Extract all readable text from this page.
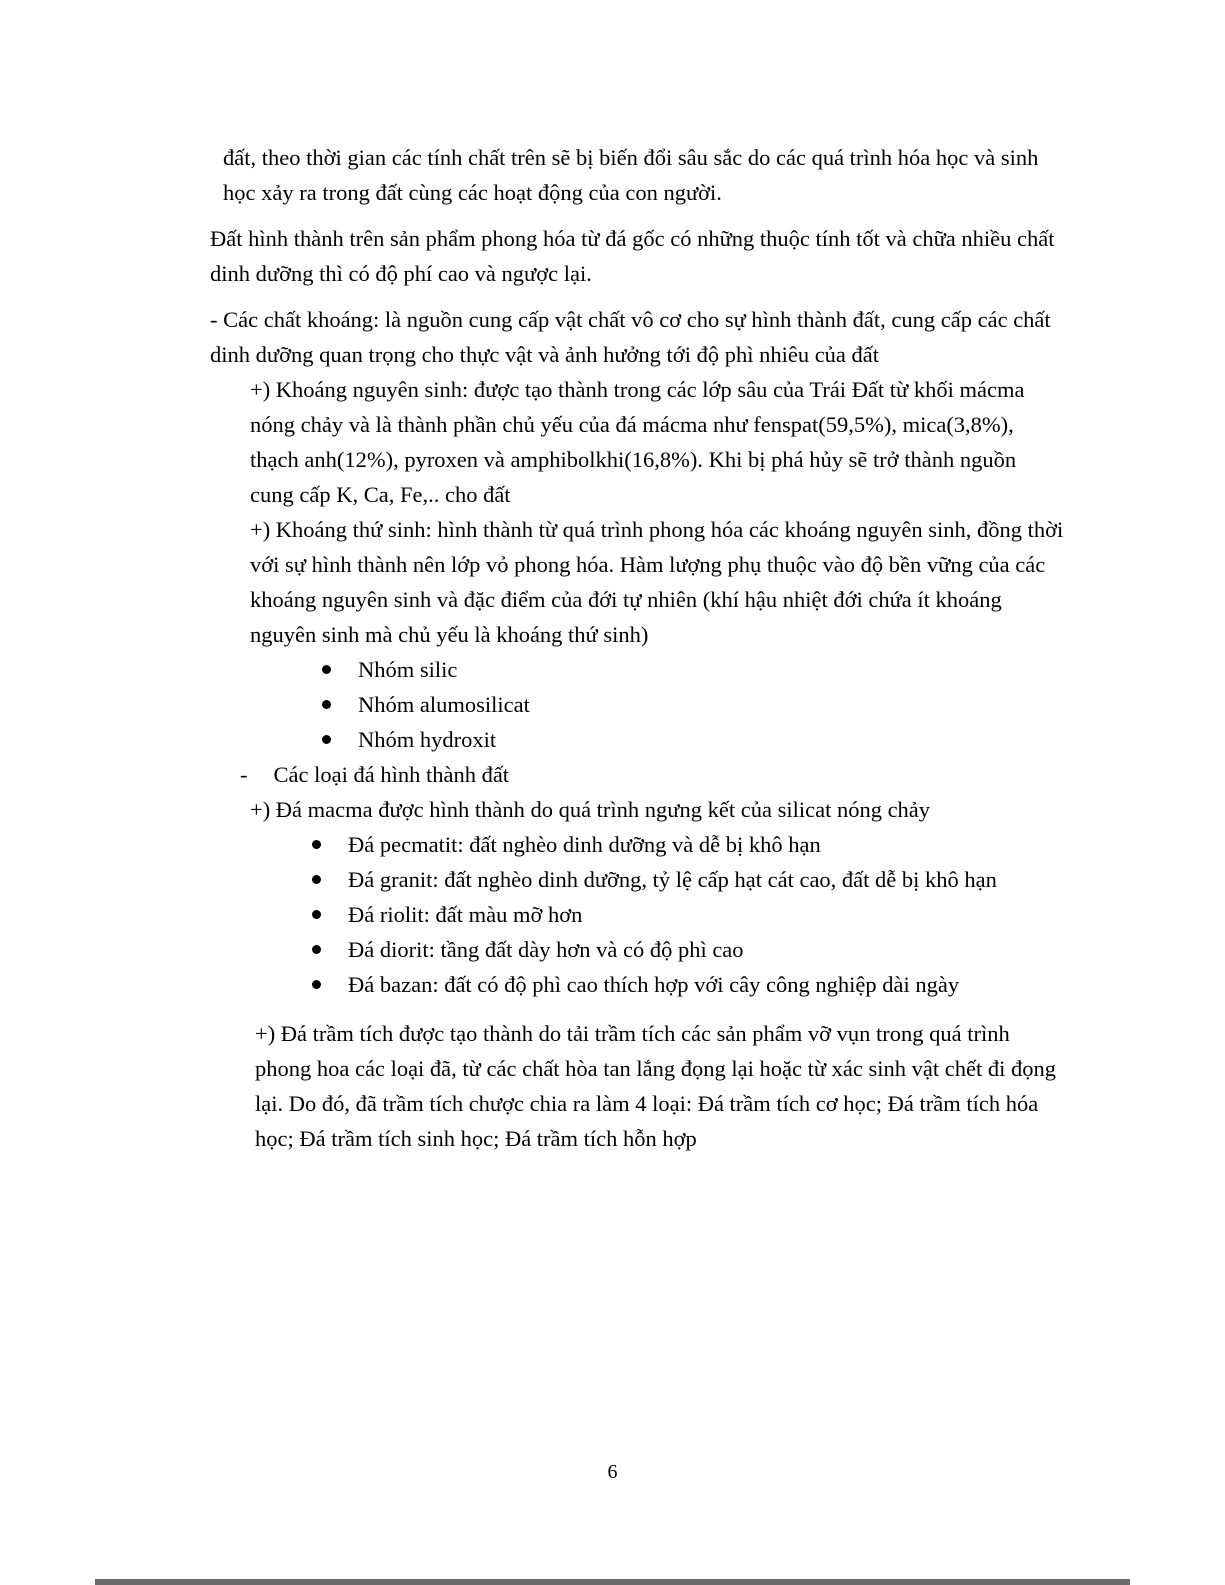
đất, theo thời gian các tính chất trên sẽ bị biến đổi sâu sắc do các quá trình hóa học và sinh học xảy ra trong đất cùng các hoạt động của con người.

Đất hình thành trên sản phẩm phong hóa từ đá gốc có những thuộc tính tốt và chữa nhiều chất dinh dưỡng thì có độ phí cao và ngược lại.

- Các chất khoáng: là nguồn cung cấp vật chất vô cơ cho sự hình thành đất, cung cấp các chất dinh dưỡng quan trọng cho thực vật và ảnh hưởng tới độ phì nhiêu của đất

+) Khoáng nguyên sinh: được tạo thành trong các lớp sâu của Trái Đất từ khối mácma nóng chảy và là thành phần chủ yếu của đá mácma như fenspat(59,5%), mica(3,8%), thạch anh(12%), pyroxen và amphibolkhi(16,8%). Khi bị phá hủy sẽ trở thành nguồn cung cấp K, Ca, Fe,.. cho đất

+) Khoáng thứ sinh: hình thành từ quá trình phong hóa các khoáng nguyên sinh, đồng thời với sự hình thành nên lớp vỏ phong hóa. Hàm lượng phụ thuộc vào độ bền vững của các khoáng nguyên sinh và đặc điểm của đới tự nhiên (khí hậu nhiệt đới chứa ít khoáng nguyên sinh mà chủ yếu là khoáng thứ sinh)

Nhóm silic
Nhóm alumosilicat
Nhóm hydroxit
- Các loại đá hình thành đất

+) Đá macma được hình thành do quá trình ngưng kết của silicat nóng chảy

Đá pecmatit: đất nghèo dinh dưỡng và dễ bị khô hạn
Đá granit: đất nghèo dinh dưỡng, tỷ lệ cấp hạt cát cao, đất dễ bị khô hạn
Đá riolit: đất màu mỡ hơn
Đá diorit: tầng đất dày hơn và có độ phì cao
Đá bazan: đất có độ phì cao thích hợp với cây công nghiệp dài ngày

+) Đá trầm tích được tạo thành do tải trầm tích các sản phẩm vỡ vụn trong quá trình phong hoa các loại đã, từ các chất hòa tan lắng đọng lại hoặc từ xác sinh vật chết đi đọng lại. Do đó, đã trầm tích chược chia ra làm 4 loại: Đá trầm tích cơ học; Đá trầm tích hóa học; Đá trầm tích sinh học; Đá trầm tích hỗn hợp

6
